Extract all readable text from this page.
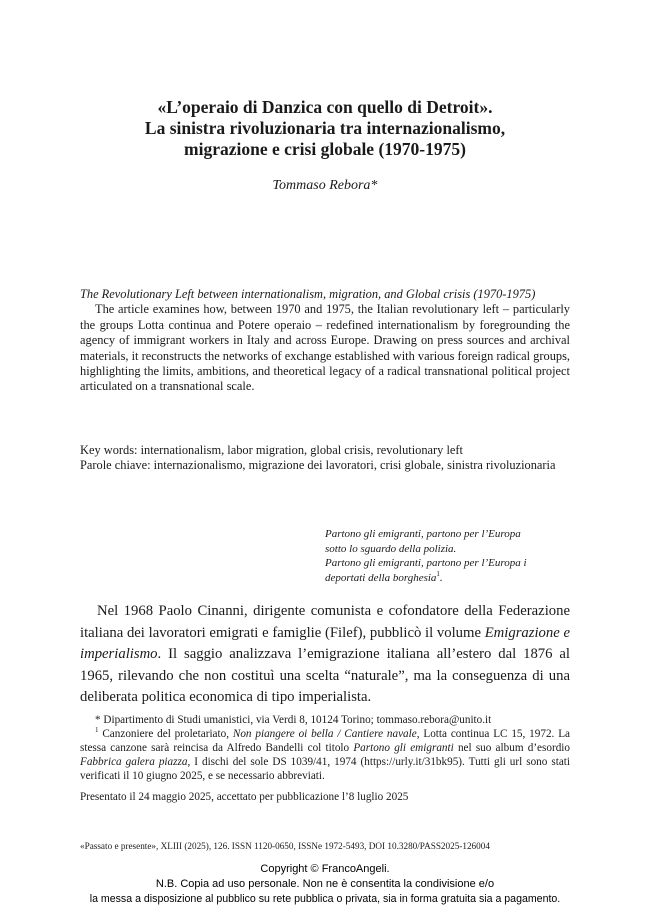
«L’operaio di Danzica con quello di Detroit».
La sinistra rivoluzionaria tra internazionalismo,
migrazione e crisi globale (1970-1975)
Tommaso Rebora*
The Revolutionary Left between internationalism, migration, and Global crisis (1970-1975)

The article examines how, between 1970 and 1975, the Italian revolutionary left – particularly the groups Lotta continua and Potere operaio – redefined internationalism by foregrounding the agency of immigrant workers in Italy and across Europe. Drawing on press sources and archival materials, it reconstructs the networks of exchange established with various foreign radical groups, highlighting the limits, ambitions, and theoretical legacy of a radical transnational political project articulated on a transnational scale.

Key words: internationalism, labor migration, global crisis, revolutionary left
Parole chiave: internazionalismo, migrazione dei lavoratori, crisi globale, sinistra rivoluzionaria
Partono gli emigranti, partono per l’Europa
sotto lo sguardo della polizia.
Partono gli emigranti, partono per l’Europa i
deportati della borghesia$^1$.

Nel 1968 Paolo Cinanni, dirigente comunista e cofondatore della Federazione italiana dei lavoratori emigrati e famiglie (Filef), pubblicò il volume Emigrazione e imperialismo. Il saggio analizzava l’emigrazione italiana all’estero dal 1876 al 1965, rilevando che non costituì una scelta “naturale”, ma la conseguenza di una deliberata politica economica di tipo imperialista.

* Dipartimento di Studi umanistici, via Verdi 8, 10124 Torino; tommaso.rebora@unito.it

$^1$ Canzoniere del proletariato, Non piangere oi bella / Cantiere navale, Lotta continua LC 15, 1972. La stessa canzone sarà reincisa da Alfredo Bandelli col titolo Partono gli emigranti nel suo album d’esordio Fabbrica galera piazza, I dischi del sole DS 1039/41, 1974 (https://urly.it/31bk95). Tutti gli url sono stati verificati il 10 giugno 2025, e se necessario abbreviati.

Presentato il 24 maggio 2025, accettato per pubblicazione l’8 luglio 2025

«Passato e presente», XLIII (2025), 126. ISSN 1120-0650, ISSNe 1972-5493, DOI 10.3280/PASS2025-126004
Copyright © FrancoAngeli.
N.B. Copia ad uso personale. Non ne è consentita la condivisione e/o
la messa a disposizione al pubblico su rete pubblica o privata, sia in forma gratuita sia a pagamento.
